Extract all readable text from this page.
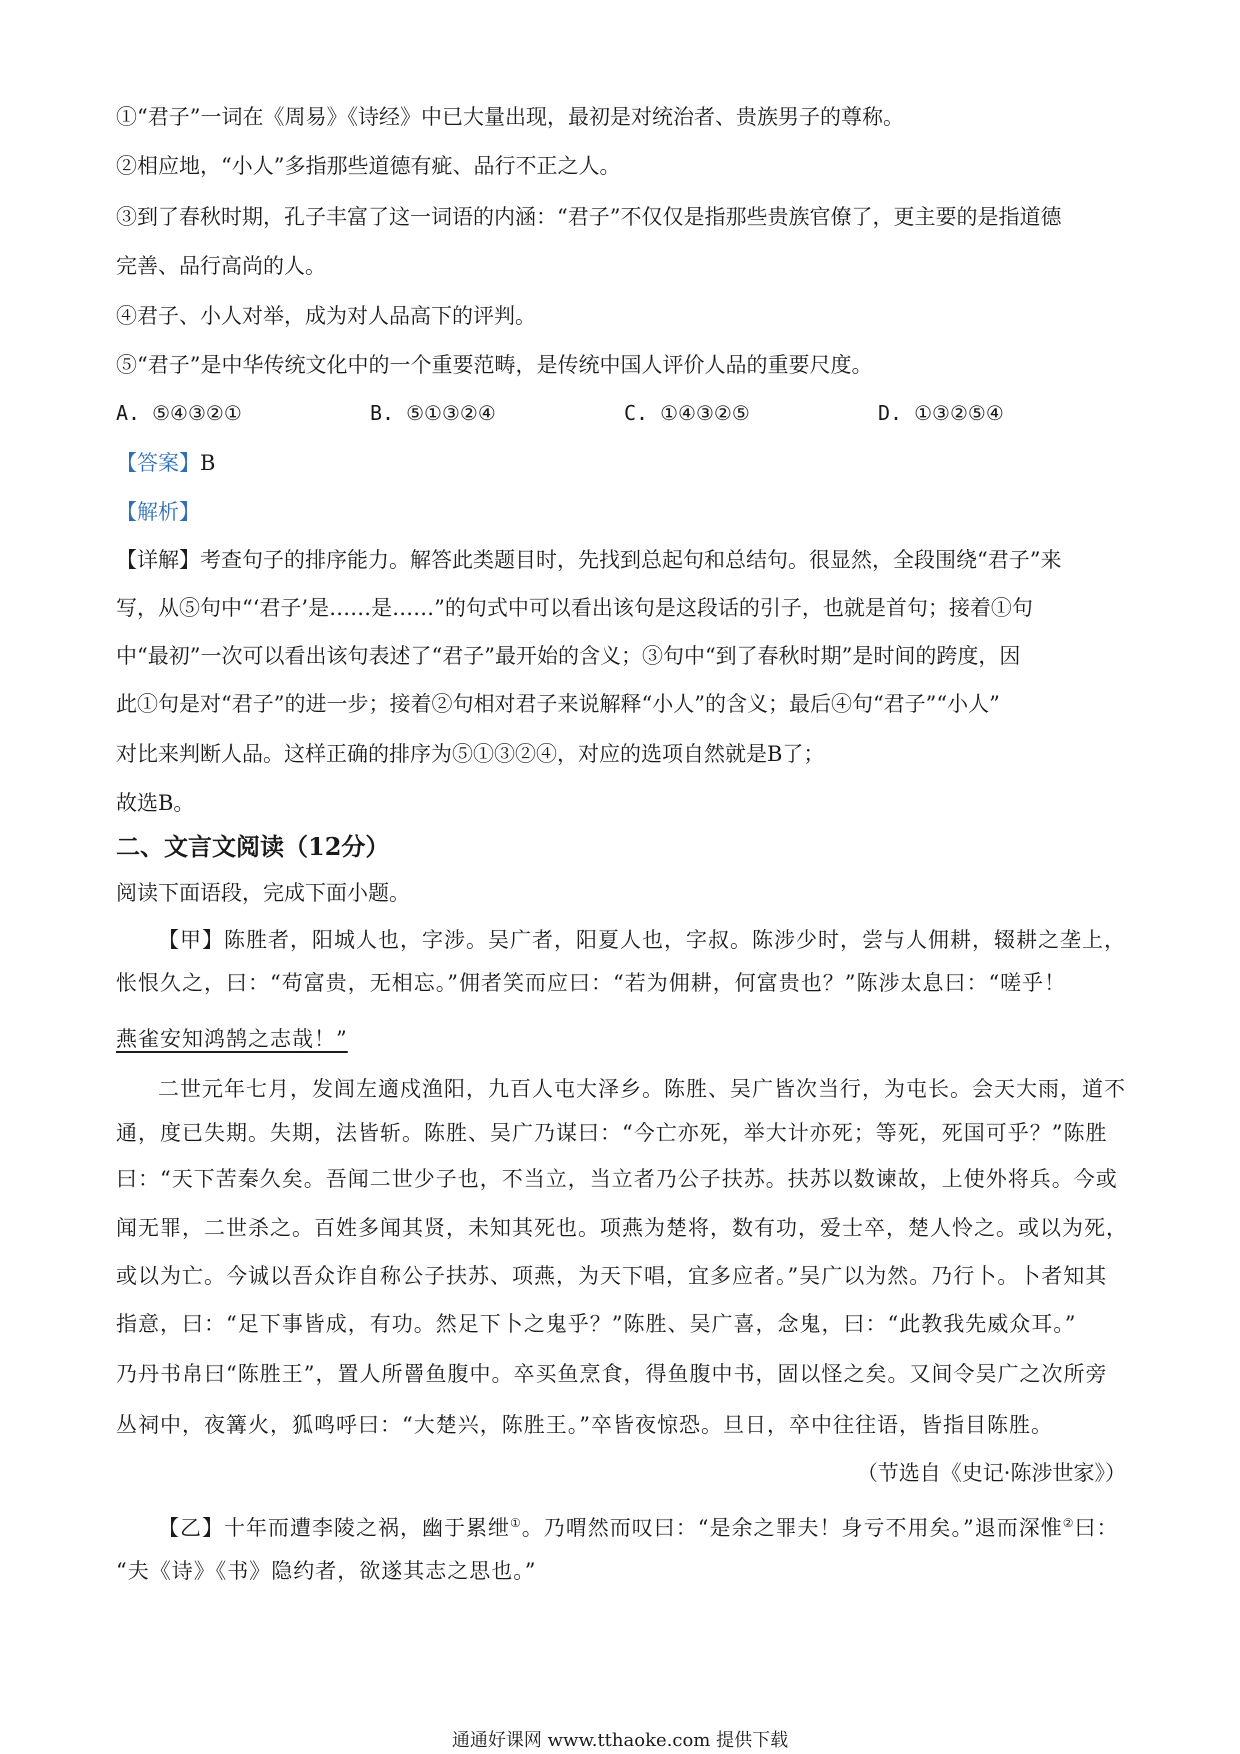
①“君子”一词在《周易》《诗经》中已大量出现，最初是对统治者、贵族男子的尊称。
②相应地，“小人”多指那些道德有疵、品行不正之人。
③到了春秋时期，孔子丰富了这一词语的内涵：“君子”不仅仅是指那些贵族官僚了，更主要的是指道德
完善、品行高尚的人。
④君子、小人对举，成为对人品高下的评判。
⑤“君子”是中华传统文化中的一个重要范畴，是传统中国人评价人品的重要尺度。
A. ⑤④③②①	B. ⑤①③②④	C. ①④③②⑤	D. ①③②⑤④
【答案】B
【解析】
【详解】考查句子的排序能力。解答此类题目时，先找到总起句和总结句。很显然，全段围绕“君子”来
写，从⑤句中“‘君子’是……是……”的句式中可以看出该句是这段话的引子，也就是首句；接着①句
中“最初”一次可以看出该句表述了“君子”最开始的含义；③句中“到了春秋时期”是时间的跨度，因
此①句是对“君子”的进一步；接着②句相对君子来说解释“小人”的含义；最后④句“君子”“小人”
对比来判断人品。这样正确的排序为⑤①③②④，对应的选项自然就是B了；
故选B。
二、文言文阅读（12分）
阅读下面语段，完成下面小题。
【甲】陈胜者，阳城人也，字涉。吴广者，阳夏人也，字叔。陈涉少时，尝与人佣耕，辍耕之垄上，
怅恨久之，曰：“苟富贵，无相忘。”佣者笑而应曰：“若为佣耕，何富贵也？”陈涉太息曰：“嗟乎！
燕雀安知鸿鹄之志哉！”
二世元年七月，发闾左適戍渔阳，九百人屯大泽乡。陈胜、吴广皆次当行，为屯长。会天大雨，道不
通，度已失期。失期，法皆斩。陈胜、吴广乃谋曰：“今亡亦死，举大计亦死；等死，死国可乎？”陈胜
曰：“天下苦秦久矣。吾闻二世少子也，不当立，当立者乃公子扶苏。扶苏以数谏故，上使外将兵。今或
闻无罪，二世杀之。百姓多闻其贤，未知其死也。项燕为楚将，数有功，爱士卒，楚人怜之。或以为死，
或以为亡。今诚以吾众诈自称公子扶苏、项燕，为天下唱，宜多应者。”吴广以为然。乃行卜。卜者知其
指意，曰：“足下事皆成，有功。然足下卜之鬼乎？”陈胜、吴广喜，念鬼，曰：“此教我先威众耳。”
乃丹书帛曰“陈胜王”，置人所罾鱼腹中。卒买鱼烹食，得鱼腹中书，固以怪之矣。又间令吴广之次所旁
丛祠中，夜篝火，狐鸣呼曰：“大楚兴，陈胜王。”卒皆夜惊恐。旦日，卒中往往语，皆指目陈胜。
（节选自《史记·陈涉世家》）
【乙】十年而遭李陵之祸，幽于累绁①。乃喟然而叹曰：“是余之罪夫！身亏不用矣。”退而深惟②曰：
“夫《诗》《书》隐约者，欲遂其志之思也。”
通通好课网 www.tthaoke.com 提供下载
